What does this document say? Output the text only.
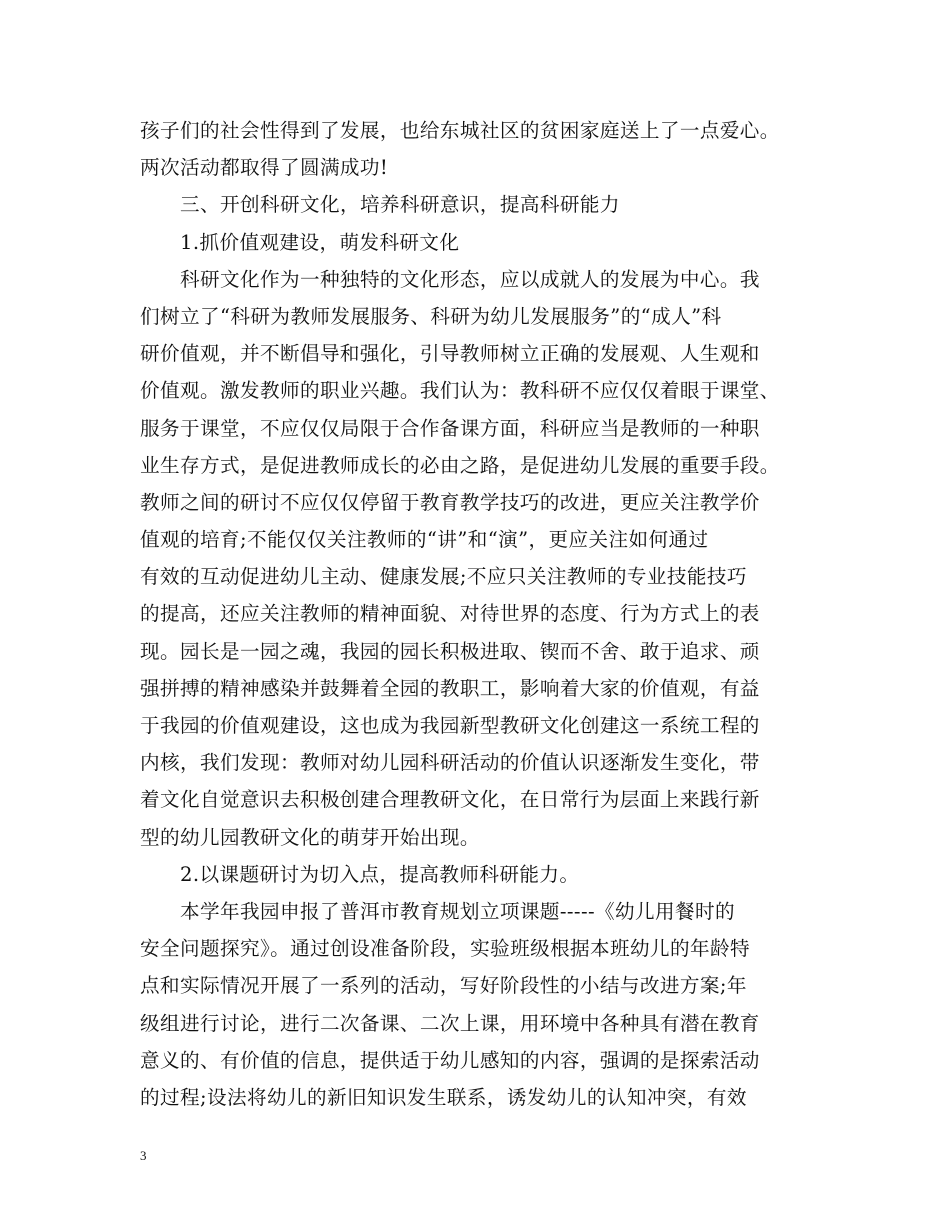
孩子们的社会性得到了发展，也给东城社区的贫困家庭送上了一点爱心。
两次活动都取得了圆满成功!
三、开创科研文化，培养科研意识，提高科研能力
1.抓价值观建设，萌发科研文化
科研文化作为一种独特的文化形态，应以成就人的发展为中心。我
们树立了“科研为教师发展服务、科研为幼儿发展服务”的“成人”科
研价值观，并不断倡导和强化，引导教师树立正确的发展观、人生观和
价值观。激发教师的职业兴趣。我们认为：教科研不应仅仅着眼于课堂、
服务于课堂，不应仅仅局限于合作备课方面，科研应当是教师的一种职
业生存方式，是促进教师成长的必由之路，是促进幼儿发展的重要手段。
教师之间的研讨不应仅仅停留于教育教学技巧的改进，更应关注教学价
值观的培育;不能仅仅关注教师的“讲”和“演”，更应关注如何通过
有效的互动促进幼儿主动、健康发展;不应只关注教师的专业技能技巧
的提高，还应关注教师的精神面貌、对待世界的态度、行为方式上的表
现。园长是一园之魂，我园的园长积极进取、锲而不舍、敢于追求、顽
强拼搏的精神感染并鼓舞着全园的教职工，影响着大家的价值观，有益
于我园的价值观建设，这也成为我园新型教研文化创建这一系统工程的
内核，我们发现：教师对幼儿园科研活动的价值认识逐渐发生变化，带
着文化自觉意识去积极创建合理教研文化，在日常行为层面上来践行新
型的幼儿园教研文化的萌芽开始出现。
2.以课题研讨为切入点，提高教师科研能力。
本学年我园申报了普洱市教育规划立项课题-----《幼儿用餐时的
安全问题探究》。通过创设准备阶段，实验班级根据本班幼儿的年龄特
点和实际情况开展了一系列的活动，写好阶段性的小结与改进方案;年
级组进行讨论，进行二次备课、二次上课，用环境中各种具有潜在教育
意义的、有价值的信息，提供适于幼儿感知的内容，强调的是探索活动
的过程;设法将幼儿的新旧知识发生联系，诱发幼儿的认知冲突，有效
3
